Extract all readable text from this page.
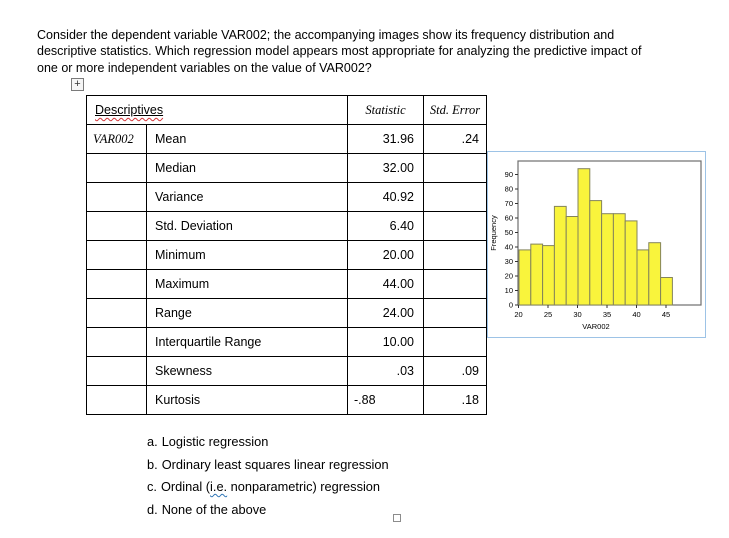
Consider the dependent variable VAR002; the accompanying images show its frequency distribution and descriptive statistics. Which regression model appears most appropriate for analyzing the predictive impact of one or more independent variables on the value of VAR002?
+
Descriptives		Statistic	Std. Error
VAR002	Mean	31.96	.24
	Median	32.00	
	Variance	40.92	
	Std. Deviation	6.40	
	Minimum	20.00	
	Maximum	44.00	
	Range	24.00	
	Interquartile Range	10.00	
	Skewness	.03	.09
	Kurtosis	-.88	.18
0
10
20
30
40
50
60
70
80
90
20	25	30	35	40	45
VAR002
Frequency
a. Logistic regression
b. Ordinary least squares linear regression
c. Ordinal (i.e. nonparametric) regression
d. None of the above
